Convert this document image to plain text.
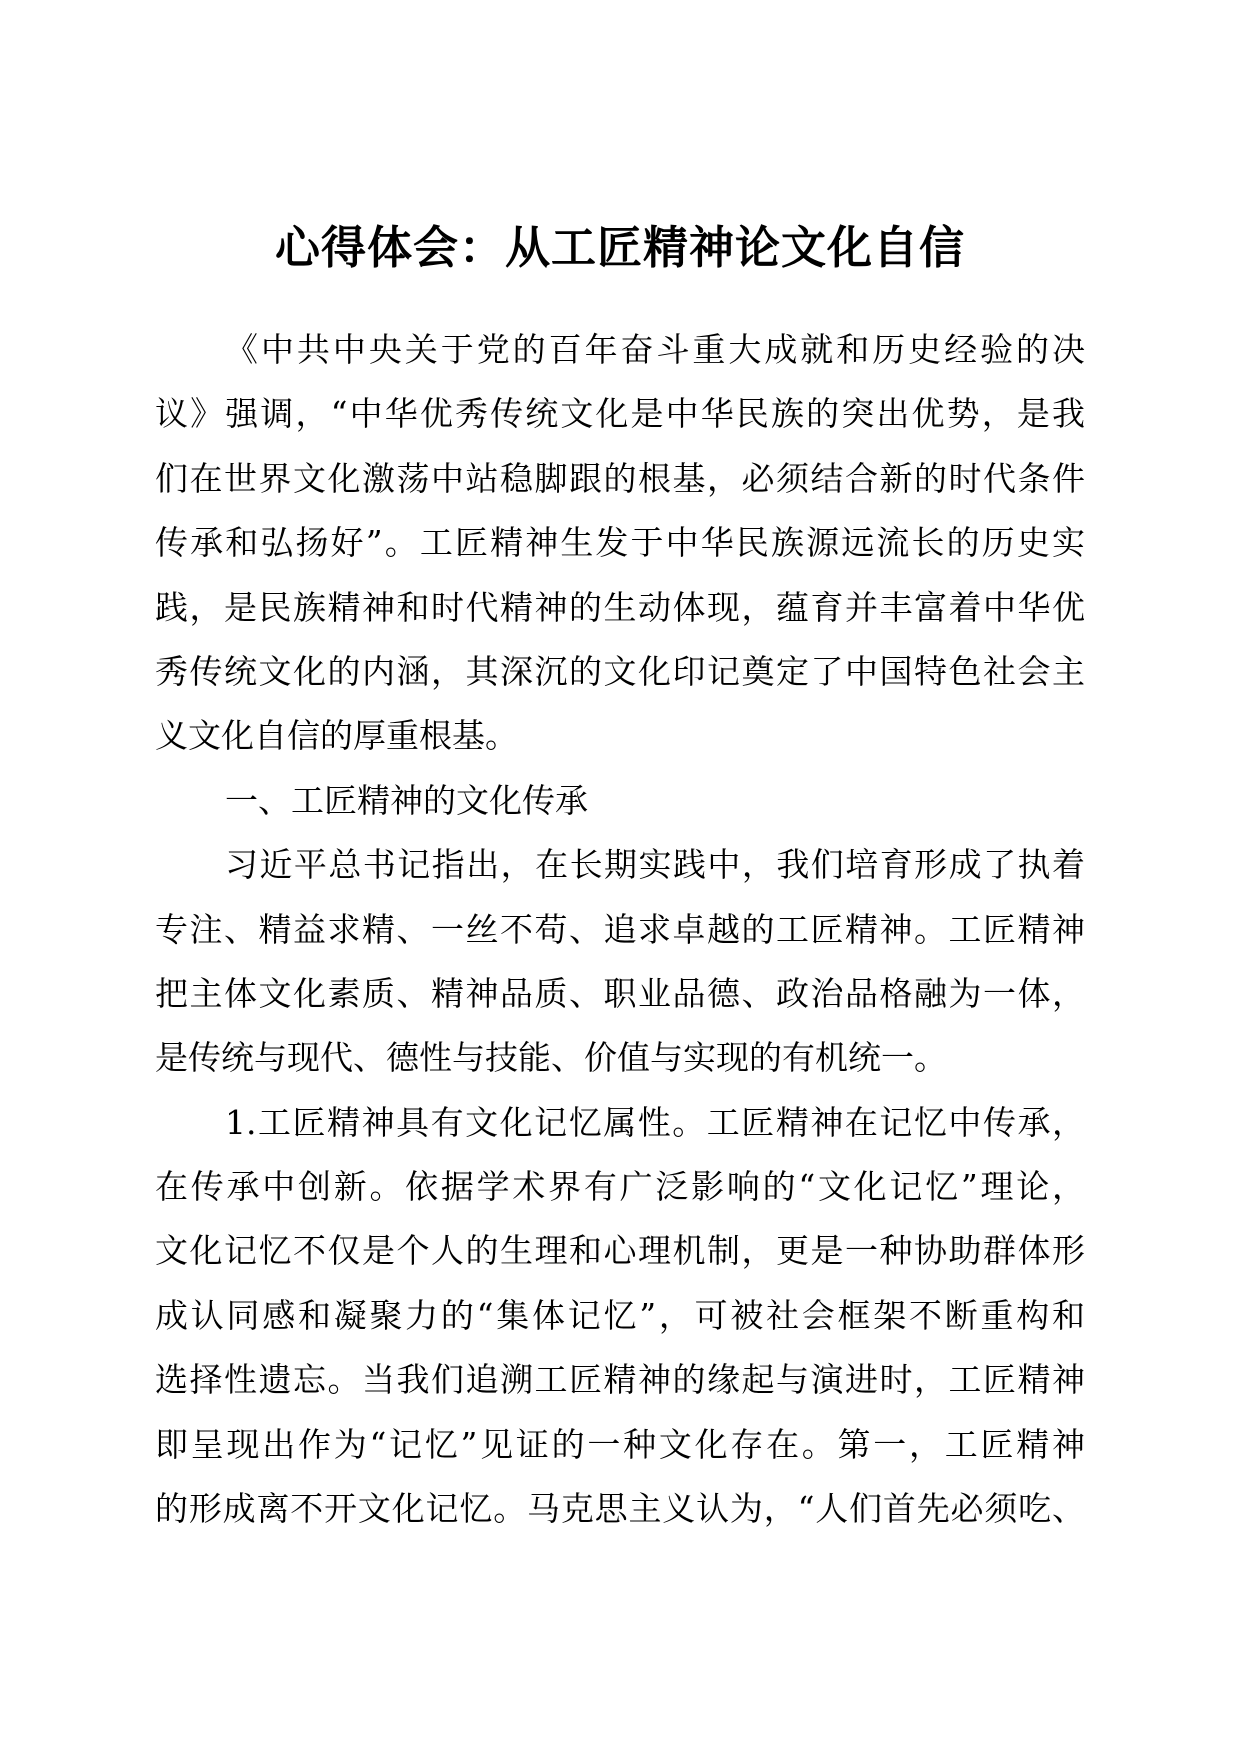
心得体会：从工匠精神论文化自信
《中共中央关于党的百年奋斗重大成就和历史经验的决
议》强调，“中华优秀传统文化是中华民族的突出优势，是我
们在世界文化激荡中站稳脚跟的根基，必须结合新的时代条件
传承和弘扬好”。工匠精神生发于中华民族源远流长的历史实
践，是民族精神和时代精神的生动体现，蕴育并丰富着中华优
秀传统文化的内涵，其深沉的文化印记奠定了中国特色社会主
义文化自信的厚重根基。
一、工匠精神的文化传承
习近平总书记指出，在长期实践中，我们培育形成了执着
专注、精益求精、一丝不苟、追求卓越的工匠精神。工匠精神
把主体文化素质、精神品质、职业品德、政治品格融为一体，
是传统与现代、德性与技能、价值与实现的有机统一。
1.工匠精神具有文化记忆属性。工匠精神在记忆中传承，
在传承中创新。依据学术界有广泛影响的“文化记忆”理论，
文化记忆不仅是个人的生理和心理机制，更是一种协助群体形
成认同感和凝聚力的“集体记忆”，可被社会框架不断重构和
选择性遗忘。当我们追溯工匠精神的缘起与演进时，工匠精神
即呈现出作为“记忆”见证的一种文化存在。第一，工匠精神
的形成离不开文化记忆。马克思主义认为，“人们首先必须吃、
